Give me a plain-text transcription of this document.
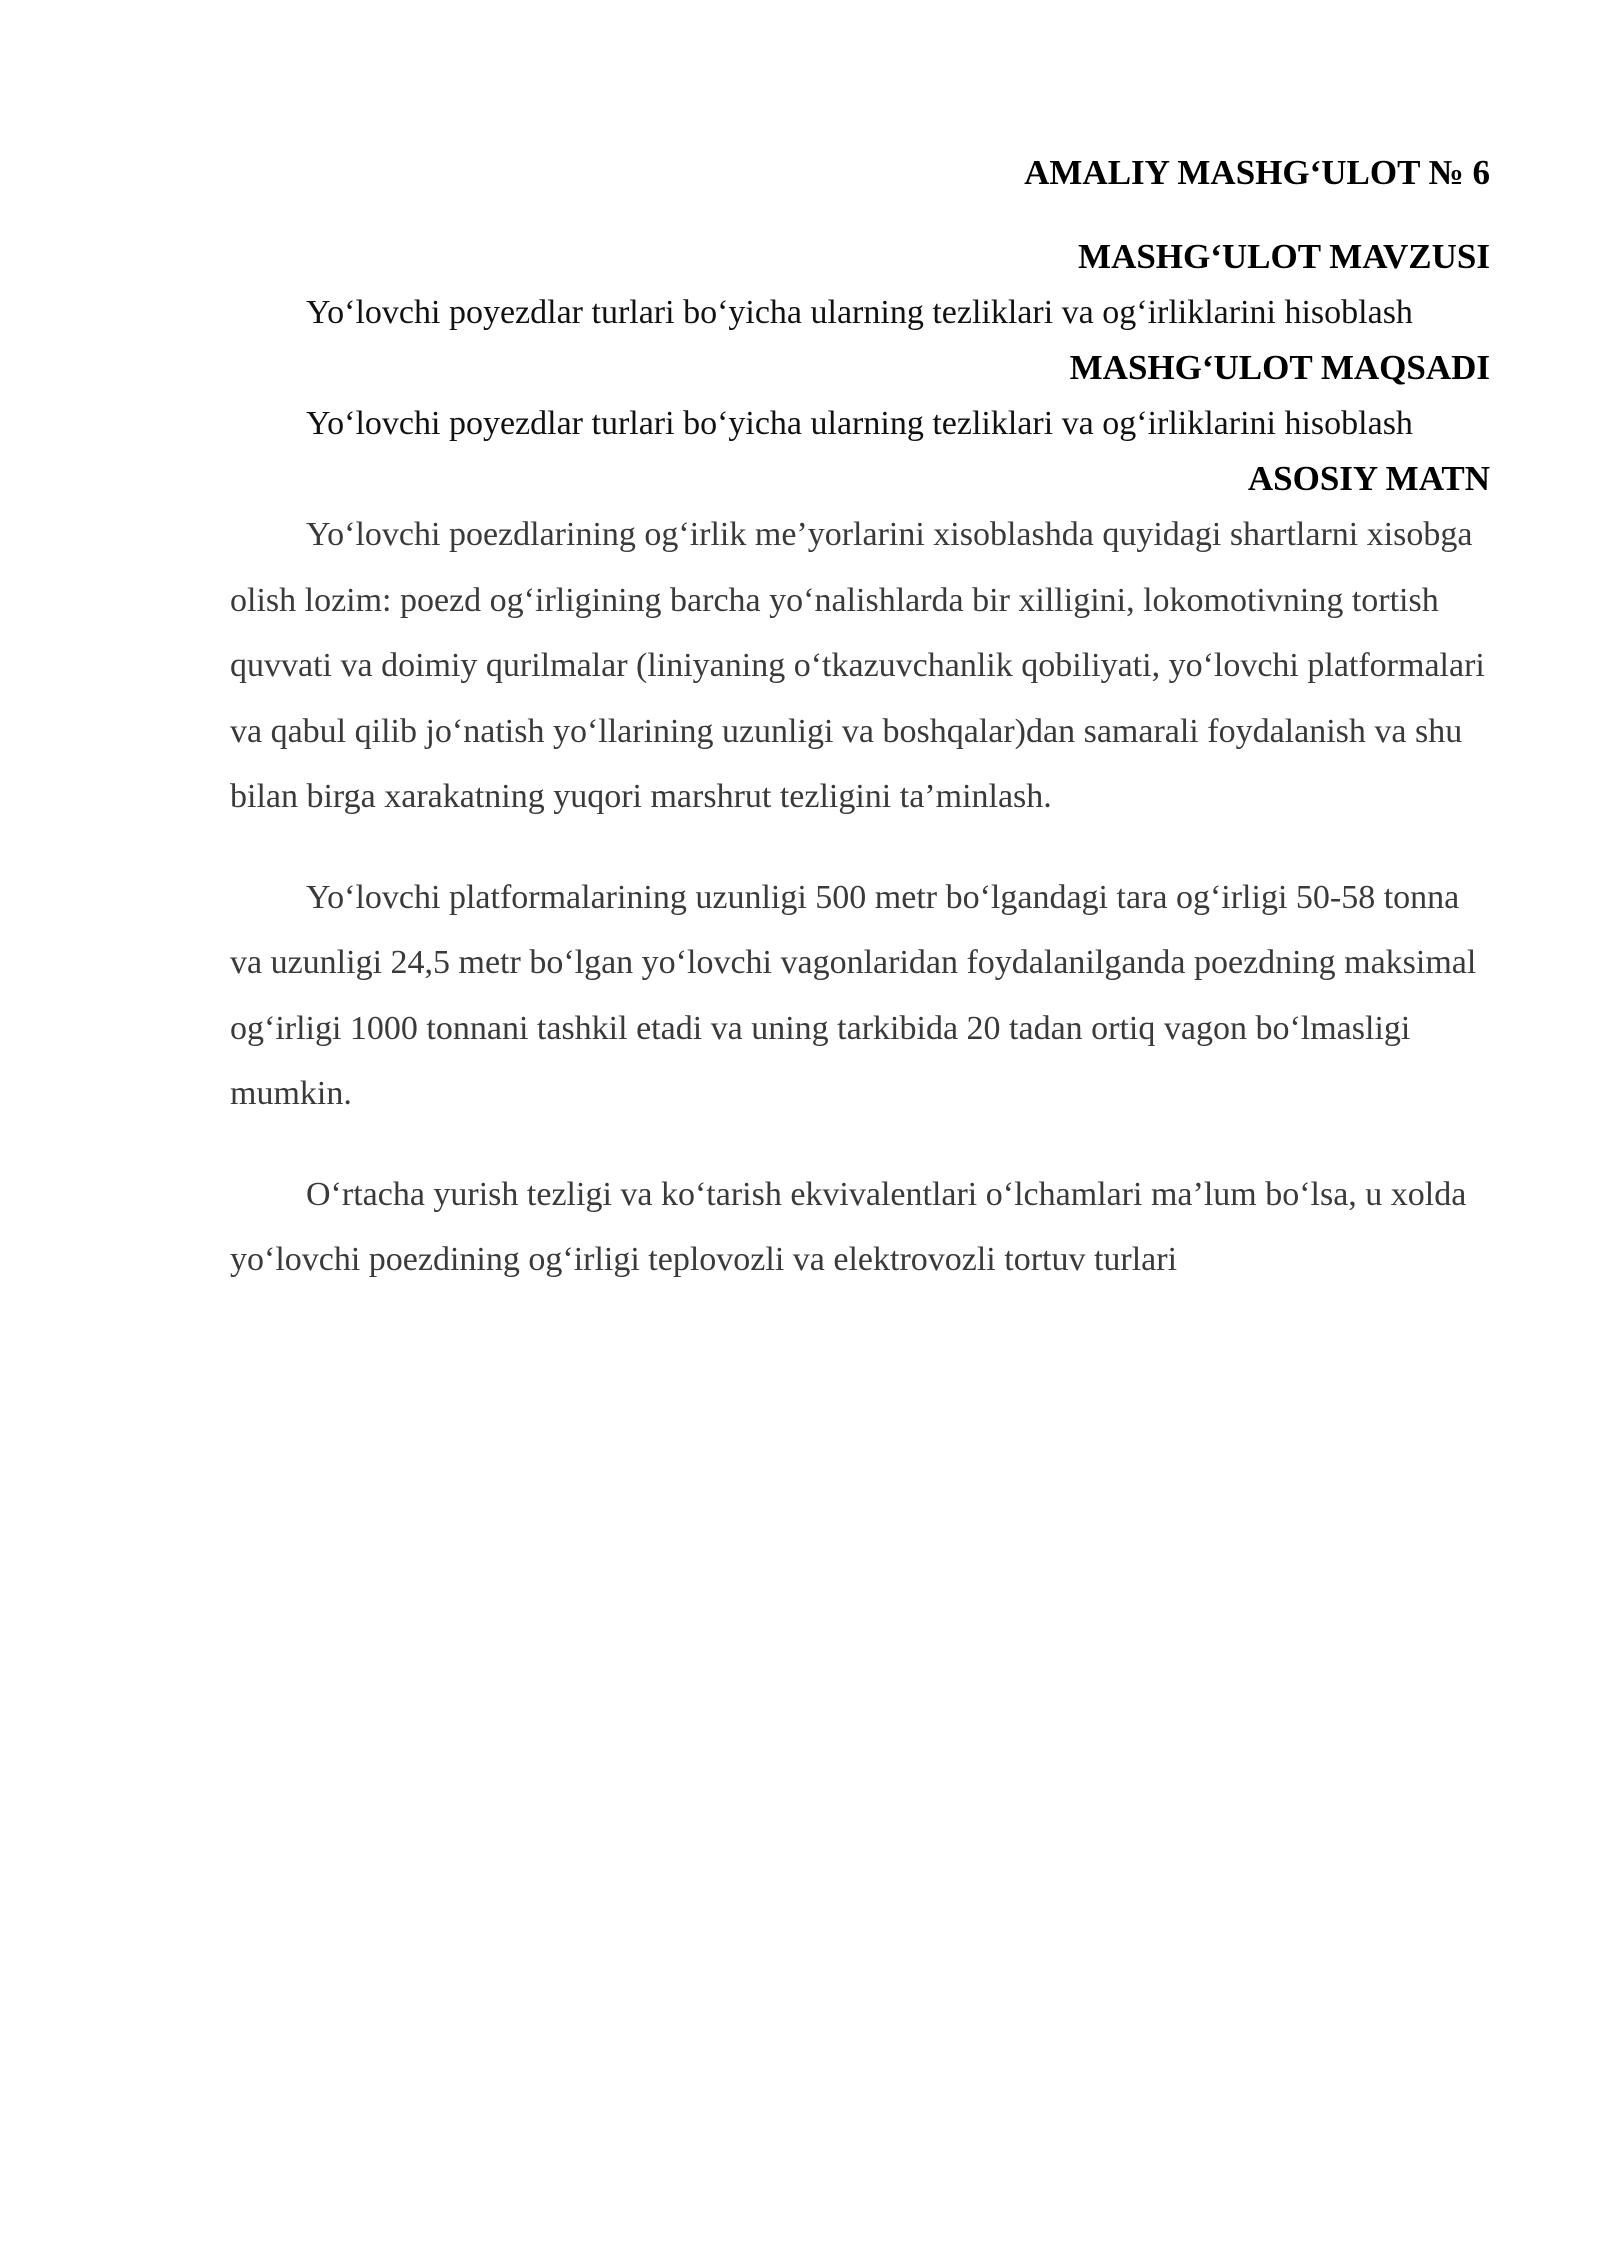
AMALIY MASHG‘ULOT № 6
MASHG‘ULOT MAVZUSI

Yo‘lovchi poyezdlar turlari bo‘yicha ularning tezliklari va og‘irliklarini hisoblash

MASHG‘ULOT MAQSADI

Yo‘lovchi poyezdlar turlari bo‘yicha ularning tezliklari va og‘irliklarini hisoblash

ASOSIY MATN

Yo‘lovchi poezdlarining og‘irlik me’yorlarini xisoblashda quyidagi shartlarni xisobga olish lozim: poezd og‘irligining barcha yo‘nalishlarda bir xilligini, lokomotivning tortish quvvati va doimiy qurilmalar (liniyaning o‘tkazuvchanlik qobiliyati, yo‘lovchi platformalari va qabul qilib jo‘natish yo‘llarining uzunligi va boshqalar)dan samarali foydalanish va shu bilan birga xarakatning yuqori marshrut tezligini ta’minlash.

Yo‘lovchi platformalarining uzunligi 500 metr bo‘lgandagi tara og‘irligi 50-58 tonna va uzunligi 24,5 metr bo‘lgan yo‘lovchi vagonlaridan foydalanilganda poezdning maksimal og‘irligi 1000 tonnani tashkil etadi va uning tarkibida 20 tadan ortiq vagon bo‘lmasligi mumkin.

O‘rtacha yurish tezligi va ko‘tarish ekvivalentlari o‘lchamlari ma’lum bo‘lsa, u xolda yo‘lovchi poezdining og‘irligi teplovozli va elektrovozli tortuv turlari
